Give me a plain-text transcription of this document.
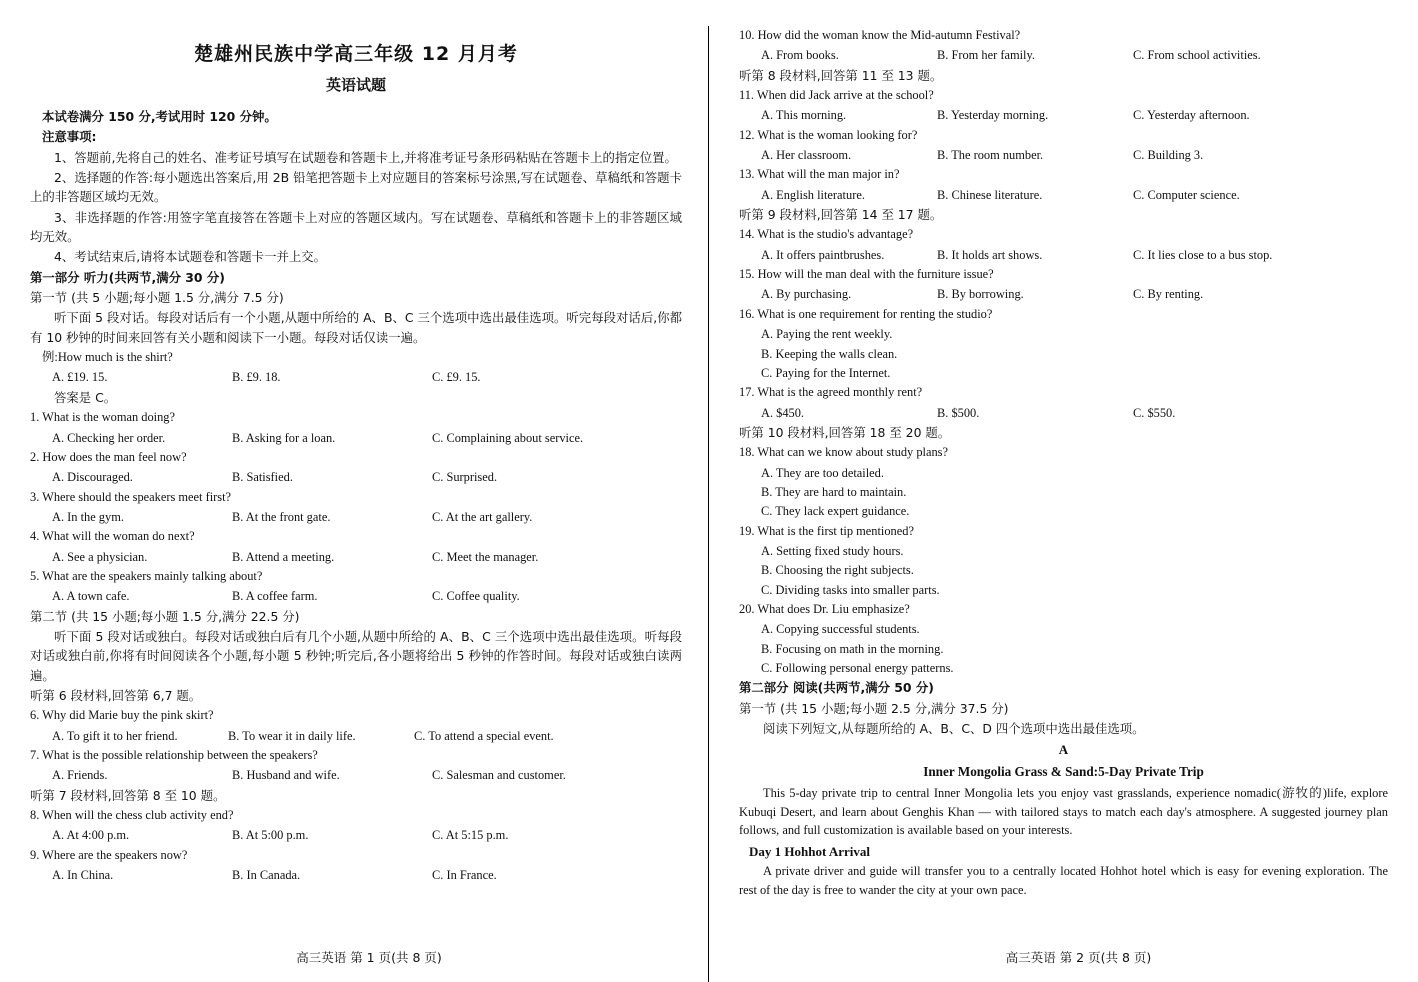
楚雄州民族中学高三年级 12 月月考
英语试题
本试卷满分 150 分,考试用时 120 分钟。
注意事项:
1、答题前,先将自己的姓名、准考证号填写在试题卷和答题卡上,并将准考证号条形码粘贴在答题卡上的指定位置。
2、选择题的作答:每小题选出答案后,用 2B 铅笔把答题卡上对应题目的答案标号涂黑,写在试题卷、草稿纸和答题卡上的非答题区域均无效。
3、非选择题的作答:用签字笔直接答在答题卡上对应的答题区域内。写在试题卷、草稿纸和答题卡上的非答题区域均无效。
4、考试结束后,请将本试题卷和答题卡一并上交。
第一部分 听力(共两节,满分 30 分)
第一节 (共 5 小题;每小题 1.5 分,满分 7.5 分)
听下面 5 段对话。每段对话后有一个小题,从题中所给的 A、B、C 三个选项中选出最佳选项。听完每段对话后,你都有 10 秒钟的时间来回答有关小题和阅读下一小题。每段对话仅读一遍。
例:How much is the shirt?
A. £19. 15.	B. £9. 18.	C. £9. 15.
答案是 C。
1. What is the woman doing?
A. Checking her order.	B. Asking for a loan.	C. Complaining about service.
2. How does the man feel now?
A. Discouraged.	B. Satisfied.	C. Surprised.
3. Where should the speakers meet first?
A. In the gym.	B. At the front gate.	C. At the art gallery.
4. What will the woman do next?
A. See a physician.	B. Attend a meeting.	C. Meet the manager.
5. What are the speakers mainly talking about?
A. A town cafe.	B. A coffee farm.	C. Coffee quality.
第二节 (共 15 小题;每小题 1.5 分,满分 22.5 分)
听下面 5 段对话或独白。每段对话或独白后有几个小题,从题中所给的 A、B、C 三个选项中选出最佳选项。听每段对话或独白前,你将有时间阅读各个小题,每小题 5 秒钟;听完后,各小题将给出 5 秒钟的作答时间。每段对话或独白读两遍。
听第 6 段材料,回答第 6,7 题。
6. Why did Marie buy the pink skirt?
A. To gift it to her friend.	B. To wear it in daily life.	C. To attend a special event.
7. What is the possible relationship between the speakers?
A. Friends.	B. Husband and wife.	C. Salesman and customer.
听第 7 段材料,回答第 8 至 10 题。
8. When will the chess club activity end?
A. At 4:00 p.m.	B. At 5:00 p.m.	C. At 5:15 p.m.
9. Where are the speakers now?
A. In China.	B. In Canada.	C. In France.
高三英语 第 1 页(共 8 页)
10. How did the woman know the Mid-autumn Festival?
A. From books.	B. From her family.	C. From school activities.
听第 8 段材料,回答第 11 至 13 题。
11. When did Jack arrive at the school?
A. This morning.	B. Yesterday morning.	C. Yesterday afternoon.
12. What is the woman looking for?
A. Her classroom.	B. The room number.	C. Building 3.
13. What will the man major in?
A. English literature.	B. Chinese literature.	C. Computer science.
听第 9 段材料,回答第 14 至 17 题。
14. What is the studio's advantage?
A. It offers paintbrushes.	B. It holds art shows.	C. It lies close to a bus stop.
15. How will the man deal with the furniture issue?
A. By purchasing.	B. By borrowing.	C. By renting.
16. What is one requirement for renting the studio?
A. Paying the rent weekly.
B. Keeping the walls clean.
C. Paying for the Internet.
17. What is the agreed monthly rent?
A. $450.	B. $500.	C. $550.
听第 10 段材料,回答第 18 至 20 题。
18. What can we know about study plans?
A. They are too detailed.
B. They are hard to maintain.
C. They lack expert guidance.
19. What is the first tip mentioned?
A. Setting fixed study hours.
B. Choosing the right subjects.
C. Dividing tasks into smaller parts.
20. What does Dr. Liu emphasize?
A. Copying successful students.
B. Focusing on math in the morning.
C. Following personal energy patterns.
第二部分 阅读(共两节,满分 50 分)
第一节 (共 15 小题;每小题 2.5 分,满分 37.5 分)
阅读下列短文,从每题所给的 A、B、C、D 四个选项中选出最佳选项。
A
Inner Mongolia Grass & Sand:5-Day Private Trip
This 5-day private trip to central Inner Mongolia lets you enjoy vast grasslands, experience nomadic(游牧的)life, explore Kubuqi Desert, and learn about Genghis Khan — with tailored stays to match each day's atmosphere. A suggested journey plan follows, and full customization is available based on your interests.
Day 1 Hohhot Arrival
A private driver and guide will transfer you to a centrally located Hohhot hotel which is easy for evening exploration. The rest of the day is free to wander the city at your own pace.
高三英语 第 2 页(共 8 页)
